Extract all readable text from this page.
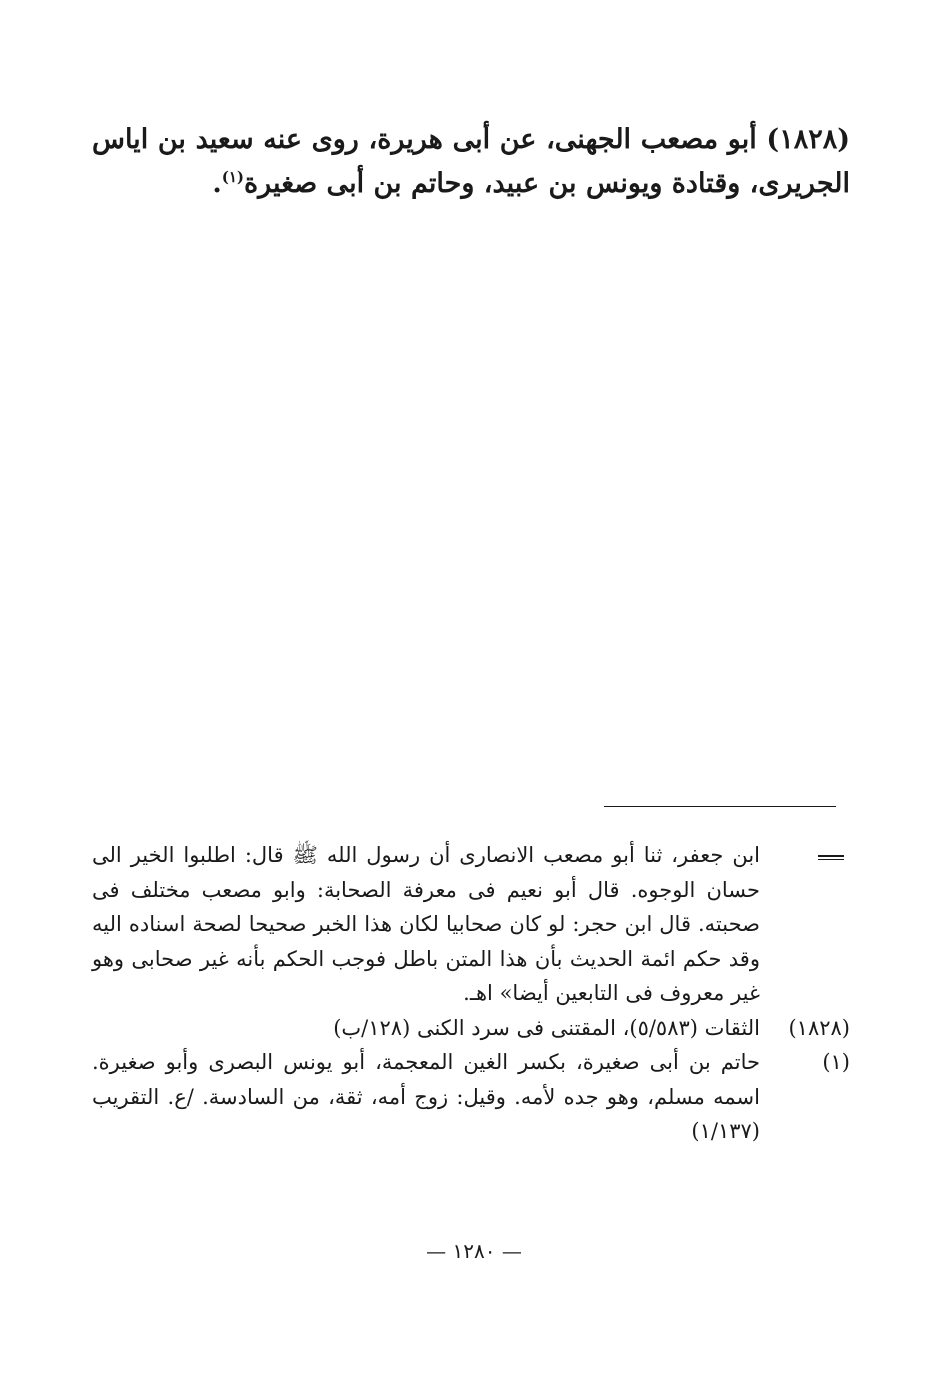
(١٨٢٨) أبو مصعب الجهنى، عن أبى هريرة، روى عنه سعيد بن اياس الجريرى، وقتادة ويونس بن عبيد، وحاتم بن أبى صغيرة$^{(١)}$.
ابن جعفر، ثنا أبو مصعب الانصارى أن رسول الله ﷺ قال: اطلبوا الخير الى حسان الوجوه. قال أبو نعيم فى معرفة الصحابة: وابو مصعب مختلف فى صحبته. قال ابن حجر: لو كان صحابيا لكان هذا الخبر صحيحا لصحة اسناده اليه وقد حكم ائمة الحديث بأن هذا المتن باطل فوجب الحكم بأنه غير صحابى وهو غير معروف فى التابعين أيضا» اهـ.
(١٨٢٨)
الثقات (٥/٥٨٣)، المقتنى فى سرد الكنى (١٢٨/ب)
(١)
حاتم بن أبى صغيرة، بكسر الغين المعجمة، أبو يونس البصرى وأبو صغيرة. اسمه مسلم، وهو جده لأمه. وقيل: زوج أمه، ثقة، من السادسة. /ع. التقريب (١/١٣٧)
— ١٢٨٠ —
